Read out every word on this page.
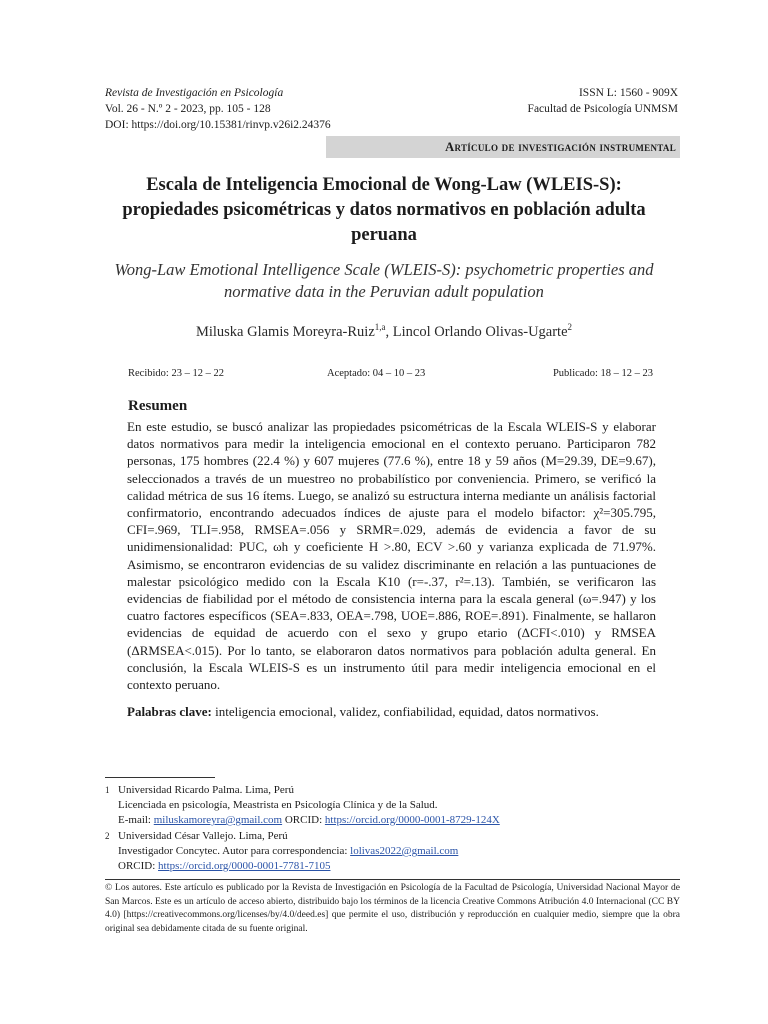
Revista de Investigación en Psicología
Vol. 26 - N.º 2 - 2023, pp. 105 - 128
DOI: https://doi.org/10.15381/rinvp.v26i2.24376
ISSN L: 1560 - 909X
Facultad de Psicología UNMSM
Artículo de investigación instrumental
Escala de Inteligencia Emocional de Wong-Law (WLEIS-S): propiedades psicométricas y datos normativos en población adulta peruana
Wong-Law Emotional Intelligence Scale (WLEIS-S): psychometric properties and normative data in the Peruvian adult population
Miluska Glamis Moreyra-Ruiz$^{1,a}$, Lincol Orlando Olivas-Ugarte$^2$
Recibido: 23 – 12 – 22	Aceptado: 04 – 10 – 23	Publicado: 18 – 12 – 23
Resumen

En este estudio, se buscó analizar las propiedades psicométricas de la Escala WLEIS-S y elaborar datos normativos para medir la inteligencia emocional en el contexto peruano. Participaron 782 personas, 175 hombres (22.4 %) y 607 mujeres (77.6 %), entre 18 y 59 años (M=29.39, DE=9.67), seleccionados a través de un muestreo no probabilístico por conveniencia. Primero, se verificó la calidad métrica de sus 16 ítems. Luego, se analizó su estructura interna mediante un análisis factorial confirmatorio, encontrando adecuados índices de ajuste para el modelo bifactor: χ²=305.795, CFI=.969, TLI=.958, RMSEA=.056 y SRMR=.029, además de evidencia a favor de su unidimensionalidad: PUC, ωh y coeficiente H >.80, ECV >.60 y varianza explicada de 71.97%. Asimismo, se encontraron evidencias de su validez discriminante en relación a las puntuaciones de malestar psicológico medido con la Escala K10 (r=-.37, r²=.13). También, se verificaron las evidencias de fiabilidad por el método de consistencia interna para la escala general (ω=.947) y los cuatro factores específicos (SEA=.833, OEA=.798, UOE=.886, ROE=.891). Finalmente, se hallaron evidencias de equidad de acuerdo con el sexo y grupo etario (ΔCFI<.010) y RMSEA (ΔRMSEA<.015). Por lo tanto, se elaboraron datos normativos para población adulta general. En conclusión, la Escala WLEIS-S es un instrumento útil para medir inteligencia emocional en el contexto peruano.

Palabras clave: inteligencia emocional, validez, confiabilidad, equidad, datos normativos.

1 Universidad Ricardo Palma. Lima, Perú
Licenciada en psicología, Meastrista en Psicología Clínica y de la Salud.
E-mail: miluskamoreyra@gmail.com ORCID: https://orcid.org/0000-0001-8729-124X
2 Universidad César Vallejo. Lima, Perú
Investigador Concytec. Autor para correspondencia: lolivas2022@gmail.com
ORCID: https://orcid.org/0000-0001-7781-7105
© Los autores. Este artículo es publicado por la Revista de Investigación en Psicología de la Facultad de Psicología, Universidad Nacional Mayor de San Marcos. Este es un artículo de acceso abierto, distribuido bajo los términos de la licencia Creative Commons Atribución 4.0 Internacional (CC BY 4.0) [https://creativecommons.org/licenses/by/4.0/deed.es] que permite el uso, distribución y reproducción en cualquier medio, siempre que la obra original sea debidamente citada de su fuente original.
